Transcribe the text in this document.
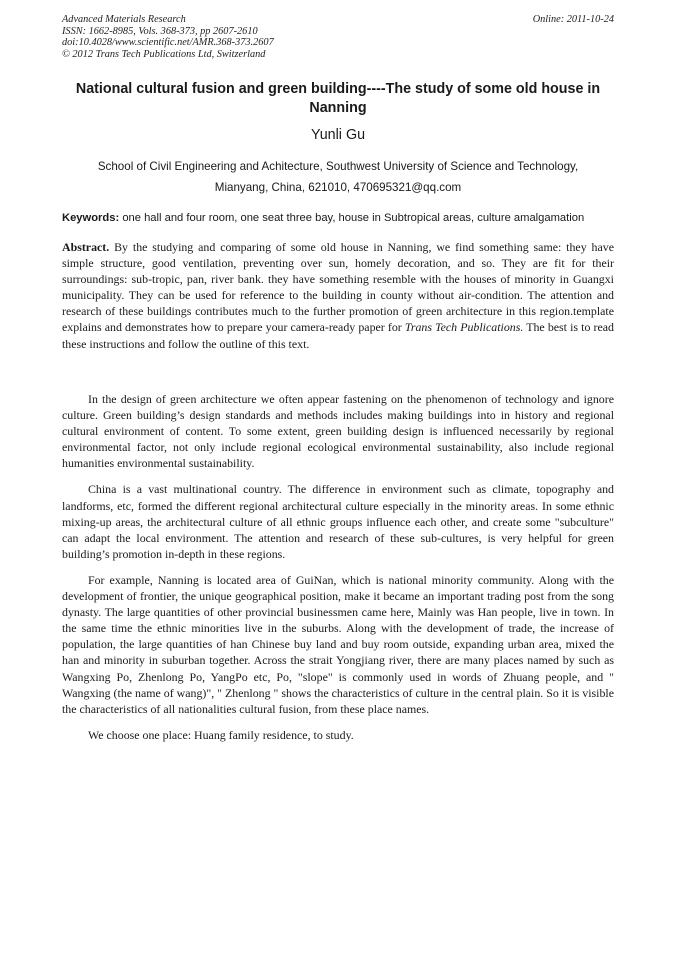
Advanced Materials Research
ISSN: 1662-8985, Vols. 368-373, pp 2607-2610
doi:10.4028/www.scientific.net/AMR.368-373.2607
© 2012 Trans Tech Publications Ltd, Switzerland
Online: 2011-10-24
National cultural fusion and green building----The study of some old house in Nanning
Yunli Gu
School of Civil Engineering and Achitecture, Southwest University of Science and Technology,
Mianyang, China, 621010, 470695321@qq.com
Keywords: one hall and four room, one seat three bay, house in Subtropical areas, culture amalgamation
Abstract. By the studying and comparing of some old house in Nanning, we find something same: they have simple structure, good ventilation, preventing over sun, homely decoration, and so. They are fit for their surroundings: sub-tropic, pan, river bank. they have something resemble with the houses of minority in Guangxi municipality. They can be used for reference to the building in county without air-condition. The attention and research of these buildings contributes much to the further promotion of green architecture in this region.template explains and demonstrates how to prepare your camera-ready paper for Trans Tech Publications. The best is to read these instructions and follow the outline of this text.

In the design of green architecture we often appear fastening on the phenomenon of technology and ignore culture. Green building’s design standards and methods includes making buildings into in history and regional cultural environment of content. To some extent, green building design is influenced necessarily by regional environmental factor, not only include regional ecological environmental sustainability, also include regional humanities environmental sustainability.

China is a vast multinational country. The difference in environment such as climate, topography and landforms, etc, formed the different regional architectural culture especially in the minority areas. In some ethnic mixing-up areas, the architectural culture of all ethnic groups influence each other, and create some "subculture" can adapt the local environment. The attention and research of these sub-cultures, is very helpful for green building’s promotion in-depth in these regions.

For example, Nanning is located area of GuiNan, which is national minority community. Along with the development of frontier, the unique geographical position, make it became an important trading post from the song dynasty. The large quantities of other provincial businessmen came here, Mainly was Han people, live in town. In the same time the ethnic minorities live in the suburbs. Along with the development of trade, the increase of population, the large quantities of han Chinese buy land and buy room outside, expanding urban area, mixed the han and minority in suburban together. Across the strait Yongjiang river, there are many places named by such as Wangxing Po, Zhenlong Po, YangPo etc, Po, "slope" is commonly used in words of Zhuang people, and " Wangxing (the name of wang)", " Zhenlong " shows the characteristics of culture in the central plain. So it is visible the characteristics of all nationalities cultural fusion, from these place names.

We choose one place: Huang family residence, to study.
